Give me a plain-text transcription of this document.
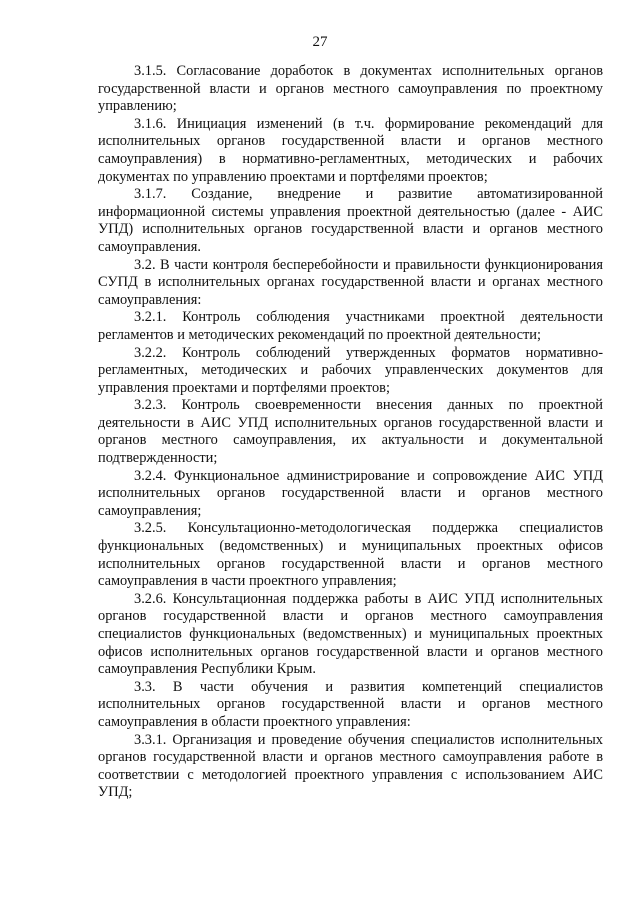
27

3.1.5. Согласование доработок в документах исполнительных органов государственной власти и органов местного самоуправления по проектному управлению;

3.1.6. Инициация изменений (в т.ч. формирование рекомендаций для исполнительных органов государственной власти и органов местного самоуправления) в нормативно-регламентных, методических и рабочих документах по управлению проектами и портфелями проектов;

3.1.7. Создание, внедрение и развитие автоматизированной информационной системы управления проектной деятельностью (далее - АИС УПД) исполнительных органов государственной власти и органов местного самоуправления.

3.2. В части контроля бесперебойности и правильности функционирования СУПД в исполнительных органах государственной власти и органах местного самоуправления:

3.2.1. Контроль соблюдения участниками проектной деятельности регламентов и методических рекомендаций по проектной деятельности;

3.2.2. Контроль соблюдений утвержденных форматов нормативно-регламентных, методических и рабочих управленческих документов для управления проектами и портфелями проектов;

3.2.3. Контроль своевременности внесения данных по проектной деятельности в АИС УПД исполнительных органов государственной власти и органов местного самоуправления, их актуальности и документальной подтвержденности;

3.2.4. Функциональное администрирование и сопровождение АИС УПД исполнительных органов государственной власти и органов местного самоуправления;

3.2.5. Консультационно-методологическая поддержка специалистов функциональных (ведомственных) и муниципальных проектных офисов исполнительных органов государственной власти и органов местного самоуправления в части проектного управления;

3.2.6. Консультационная поддержка работы в АИС УПД исполнительных органов государственной власти и органов местного самоуправления специалистов функциональных (ведомственных) и муниципальных проектных офисов исполнительных органов государственной власти и органов местного самоуправления Республики Крым.

3.3. В части обучения и развития компетенций специалистов исполнительных органов государственной власти и органов местного самоуправления в области проектного управления:

3.3.1. Организация и проведение обучения специалистов исполнительных органов государственной власти и органов местного самоуправления работе в соответствии с методологией проектного управления с использованием АИС УПД;
